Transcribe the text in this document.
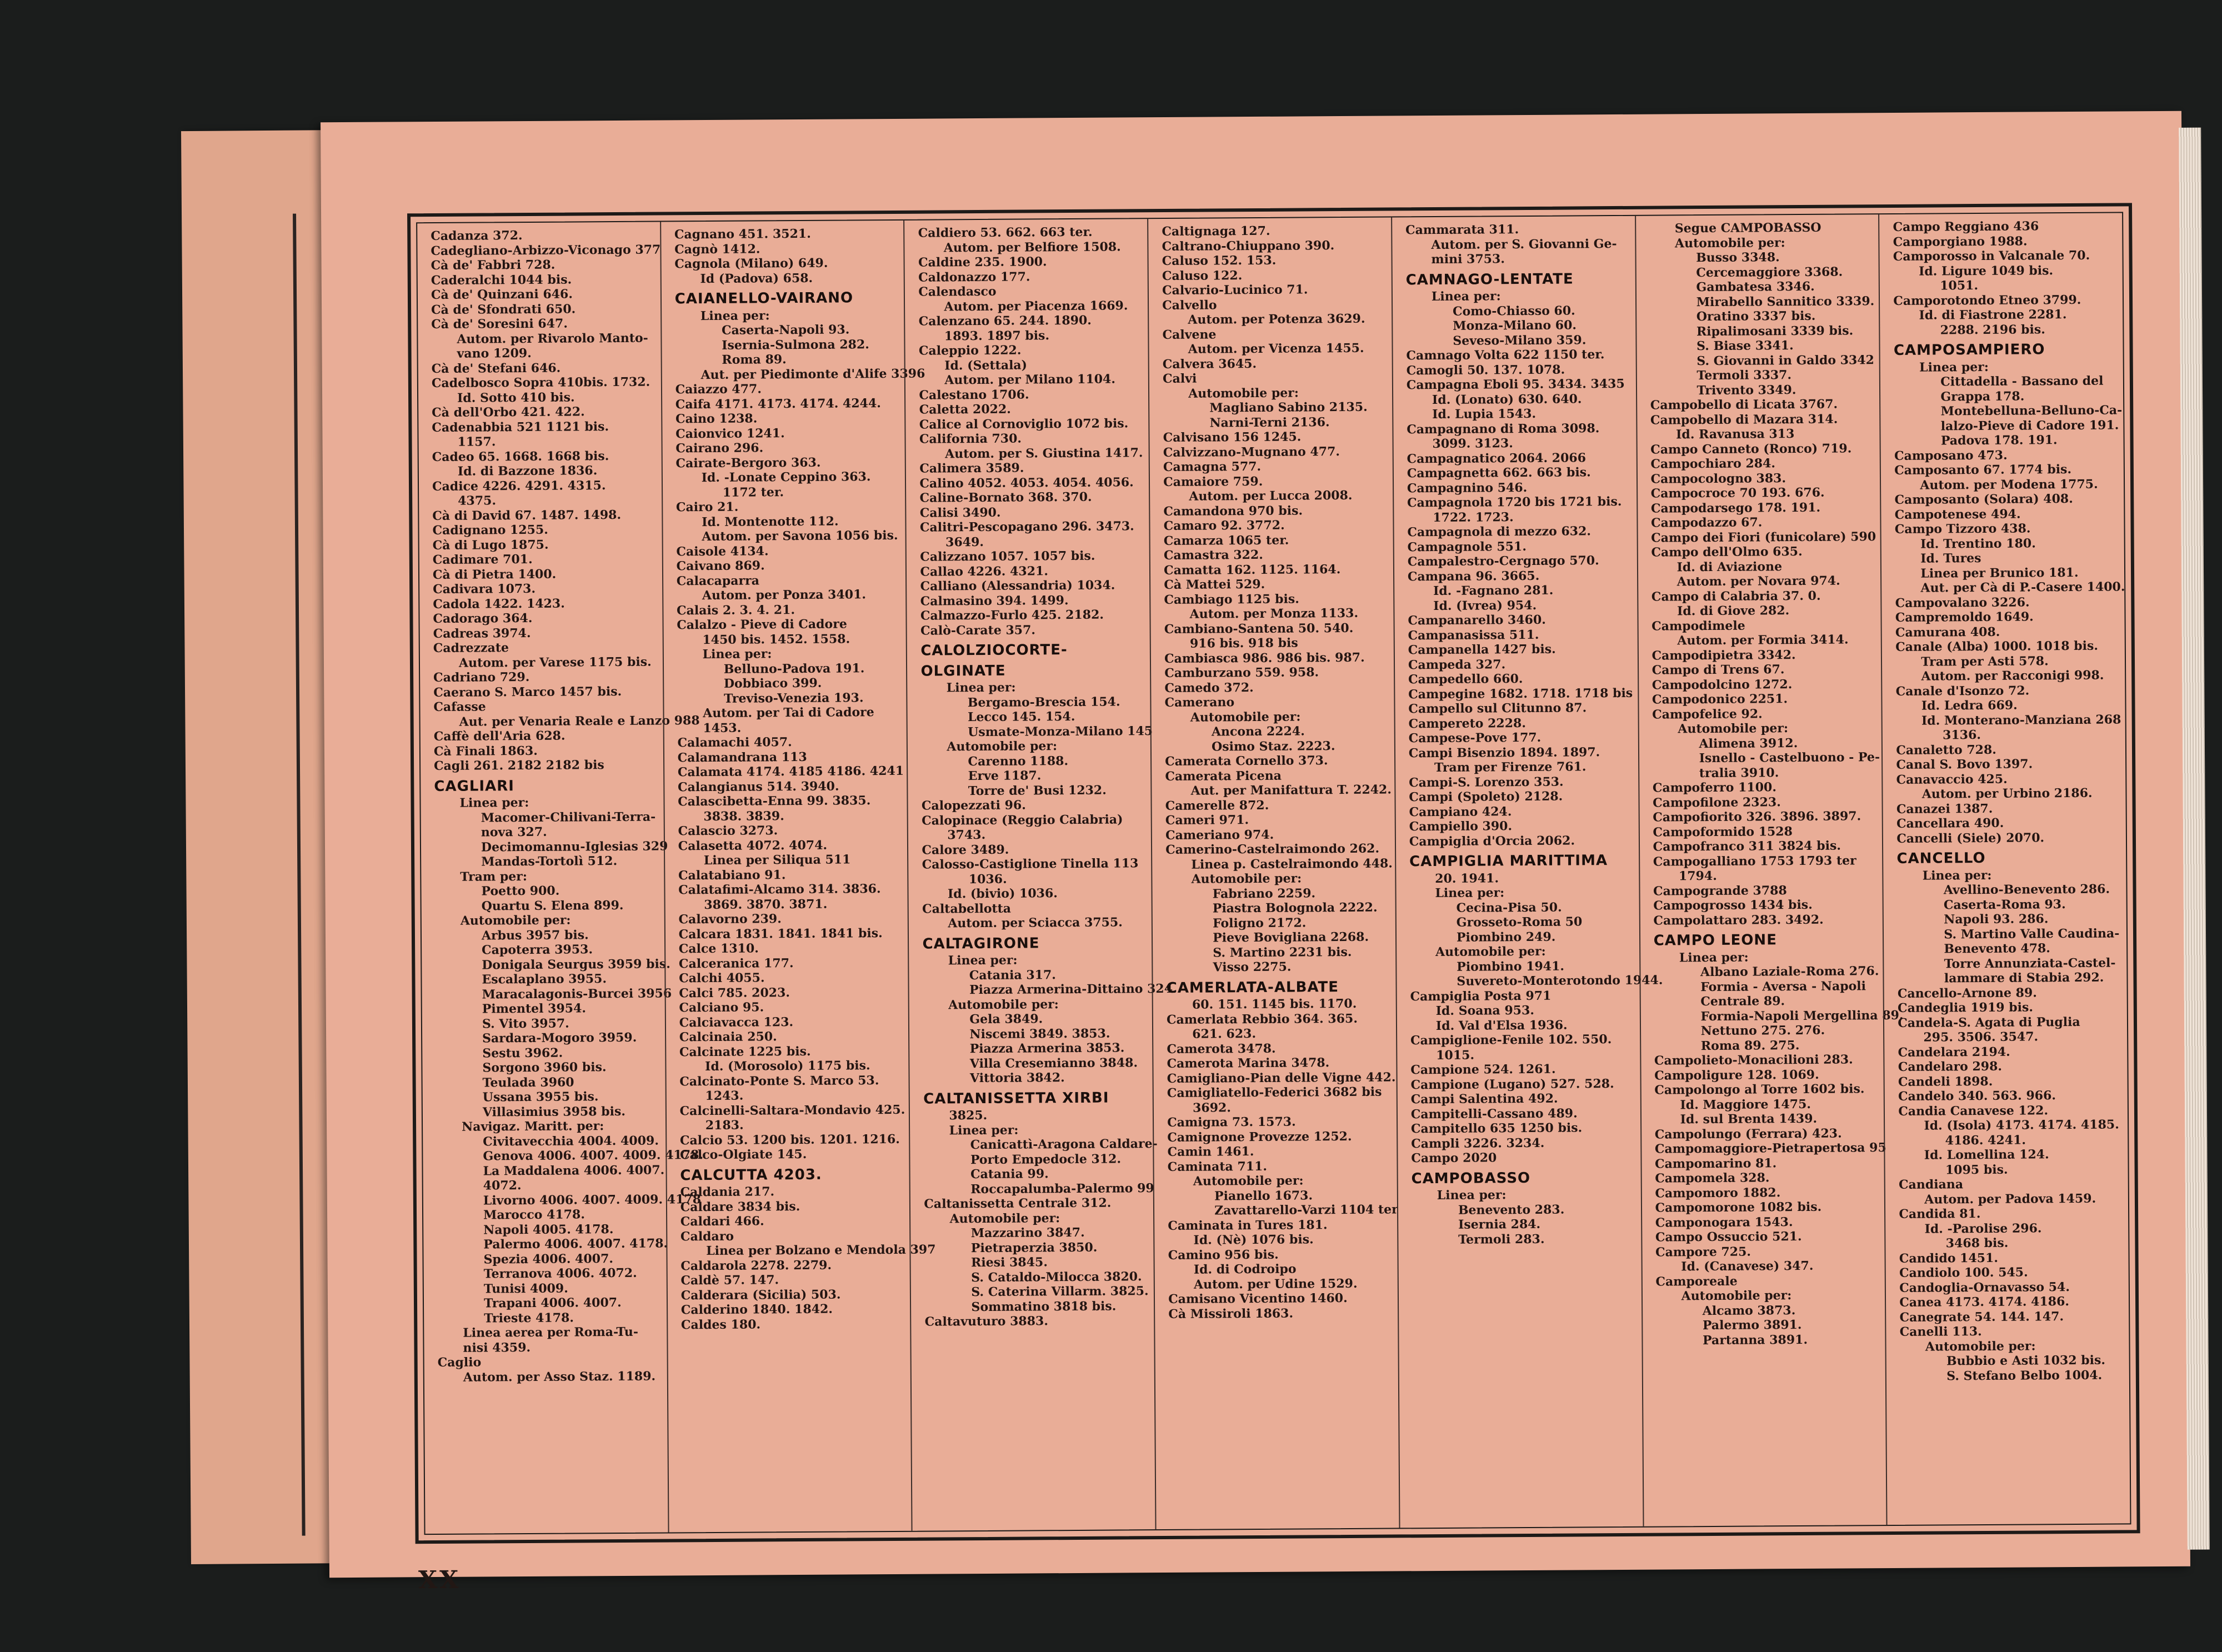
Cadanza 372.
Cadegliano-Arbizzo-Viconago 377
Cà de' Fabbri 728.
Caderalchi 1044 bis.
Cà de' Quinzani 646.
Cà de' Sfondrati 650.
Cà de' Soresini 647.
Autom. per Rivarolo Manto-
vano 1209.
Cà de' Stefani 646.
Cadelbosco Sopra 410bis. 1732.
Id. Sotto 410 bis.
Cà dell'Orbo 421. 422.
Cadenabbia 521 1121 bis.
1157.
Cadeo 65. 1668. 1668 bis.
Id. di Bazzone 1836.
Cadice 4226. 4291. 4315.
4375.
Cà di David 67. 1487. 1498.
Cadignano 1255.
Cà di Lugo 1875.
Cadimare 701.
Cà di Pietra 1400.
Cadivara 1073.
Cadola 1422. 1423.
Cadorago 364.
Cadreas 3974.
Cadrezzate
Autom. per Varese 1175 bis.
Cadriano 729.
Caerano S. Marco 1457 bis.
Cafasse
Aut. per Venaria Reale e Lanzo 988
Caffè dell'Aria 628.
Cà Finali 1863.
Cagli 261. 2182 2182 bis
CAGLIARI
Linea per:
Macomer-Chilivani-Terra-
nova 327.
Decimomannu-Iglesias 329
Mandas-Tortolì 512.
Tram per:
Poetto 900.
Quartu S. Elena 899.
Automobile per:
Arbus 3957 bis.
Capoterra 3953.
Donigala Seurgus 3959 bis.
Escalaplano 3955.
Maracalagonis-Burcei 3956
Pimentel 3954.
S. Vito 3957.
Sardara-Mogoro 3959.
Sestu 3962.
Sorgono 3960 bis.
Teulada 3960
Ussana 3955 bis.
Villasimius 3958 bis.
Navigaz. Maritt. per:
Civitavecchia 4004. 4009.
Genova 4006. 4007. 4009. 4178.
La Maddalena 4006. 4007.
4072.
Livorno 4006. 4007. 4009. 4178
Marocco 4178.
Napoli 4005. 4178.
Palermo 4006. 4007. 4178.
Spezia 4006. 4007.
Terranova 4006. 4072.
Tunisi 4009.
Trapani 4006. 4007.
Trieste 4178.
Linea aerea per Roma-Tu-
nisi 4359.
Caglio
Autom. per Asso Staz. 1189.
Cagnano 451. 3521.
Cagnò 1412.
Cagnola (Milano) 649.
Id (Padova) 658.
CAIANELLO-VAIRANO
Linea per:
Caserta-Napoli 93.
Isernia-Sulmona 282.
Roma 89.
Aut. per Piedimonte d'Alife 3396
Caiazzo 477.
Caifa 4171. 4173. 4174. 4244.
Caino 1238.
Caionvico 1241.
Cairano 296.
Cairate-Bergoro 363.
Id. -Lonate Ceppino 363.
1172 ter.
Cairo 21.
Id. Montenotte 112.
Autom. per Savona 1056 bis.
Caisole 4134.
Caivano 869.
Calacaparra
Autom. per Ponza 3401.
Calais 2. 3. 4. 21.
Calalzo - Pieve di Cadore
1450 bis. 1452. 1558.
Linea per:
Belluno-Padova 191.
Dobbiaco 399.
Treviso-Venezia 193.
Autom. per Tai di Cadore
1453.
Calamachi 4057.
Calamandrana 113
Calamata 4174. 4185 4186. 4241
Calangianus 514. 3940.
Calascibetta-Enna 99. 3835.
3838. 3839.
Calascio 3273.
Calasetta 4072. 4074.
Linea per Siliqua 511
Calatabiano 91.
Calatafimi-Alcamo 314. 3836.
3869. 3870. 3871.
Calavorno 239.
Calcara 1831. 1841. 1841 bis.
Calce 1310.
Calceranica 177.
Calchi 4055.
Calci 785. 2023.
Calciano 95.
Calciavacca 123.
Calcinaia 250.
Calcinate 1225 bis.
Id. (Morosolo) 1175 bis.
Calcinato-Ponte S. Marco 53.
1243.
Calcinelli-Saltara-Mondavio 425.
2183.
Calcio 53. 1200 bis. 1201. 1216.
Calco-Olgiate 145.
CALCUTTA 4203.
Caldania 217.
Caldare 3834 bis.
Caldari 466.
Caldaro
Linea per Bolzano e Mendola 397
Caldarola 2278. 2279.
Caldè 57. 147.
Calderara (Sicilia) 503.
Calderino 1840. 1842.
Caldes 180.
Caldiero 53. 662. 663 ter.
Autom. per Belfiore 1508.
Caldine 235. 1900.
Caldonazzo 177.
Calendasco
Autom. per Piacenza 1669.
Calenzano 65. 244. 1890.
1893. 1897 bis.
Caleppio 1222.
Id. (Settala)
Autom. per Milano 1104.
Calestano 1706.
Caletta 2022.
Calice al Cornoviglio 1072 bis.
California 730.
Autom. per S. Giustina 1417.
Calimera 3589.
Calino 4052. 4053. 4054. 4056.
Caline-Bornato 368. 370.
Calisi 3490.
Calitri-Pescopagano 296. 3473.
3649.
Calizzano 1057. 1057 bis.
Callao 4226. 4321.
Calliano (Alessandria) 1034.
Calmasino 394. 1499.
Calmazzo-Furlo 425. 2182.
Calò-Carate 357.
CALOLZIOCORTE-
OLGINATE
Linea per:
Bergamo-Brescia 154.
Lecco 145. 154.
Usmate-Monza-Milano 145
Automobile per:
Carenno 1188.
Erve 1187.
Torre de' Busi 1232.
Calopezzati 96.
Calopinace (Reggio Calabria)
3743.
Calore 3489.
Calosso-Castiglione Tinella 113
1036.
Id. (bivio) 1036.
Caltabellotta
Autom. per Sciacca 3755.
CALTAGIRONE
Linea per:
Catania 317.
Piazza Armerina-Dittaino 324.
Automobile per:
Gela 3849.
Niscemi 3849. 3853.
Piazza Armerina 3853.
Villa Cresemianno 3848.
Vittoria 3842.
CALTANISSETTA XIRBI
3825.
Linea per:
Canicattì-Aragona Caldare-
Porto Empedocle 312.
Catania 99.
Roccapalumba-Palermo 99
Caltanissetta Centrale 312.
Automobile per:
Mazzarino 3847.
Pietraperzia 3850.
Riesi 3845.
S. Cataldo-Milocca 3820.
S. Caterina Villarm. 3825.
Sommatino 3818 bis.
Caltavuturo 3883.
Caltignaga 127.
Caltrano-Chiuppano 390.
Caluso 152. 153.
Caluso 122.
Calvario-Lucinico 71.
Calvello
Autom. per Potenza 3629.
Calvene
Autom. per Vicenza 1455.
Calvera 3645.
Calvi
Automobile per:
Magliano Sabino 2135.
Narni-Terni 2136.
Calvisano 156 1245.
Calvizzano-Mugnano 477.
Camagna 577.
Camaiore 759.
Autom. per Lucca 2008.
Camandona 970 bis.
Camaro 92. 3772.
Camarza 1065 ter.
Camastra 322.
Camatta 162. 1125. 1164.
Cà Mattei 529.
Cambiago 1125 bis.
Autom. per Monza 1133.
Cambiano-Santena 50. 540.
916 bis. 918 bis
Cambiasca 986. 986 bis. 987.
Camburzano 559. 958.
Camedo 372.
Camerano
Automobile per:
Ancona 2224.
Osimo Staz. 2223.
Camerata Cornello 373.
Camerata Picena
Aut. per Manifattura T. 2242.
Camerelle 872.
Cameri 971.
Cameriano 974.
Camerino-Castelraimondo 262.
Linea p. Castelraimondo 448.
Automobile per:
Fabriano 2259.
Piastra Bolognola 2222.
Foligno 2172.
Pieve Bovigliana 2268.
S. Martino 2231 bis.
Visso 2275.
CAMERLATA-ALBATE
60. 151. 1145 bis. 1170.
Camerlata Rebbio 364. 365.
621. 623.
Camerota 3478.
Camerota Marina 3478.
Camigliano-Pian delle Vigne 442.
Camigliatello-Federici 3682 bis
3692.
Camigna 73. 1573.
Camignone Provezze 1252.
Camin 1461.
Caminata 711.
Automobile per:
Pianello 1673.
Zavattarello-Varzi 1104 ter
Caminata in Tures 181.
Id. (Nè) 1076 bis.
Camino 956 bis.
Id. di Codroipo
Autom. per Udine 1529.
Camisano Vicentino 1460.
Cà Missiroli 1863.
Cammarata 311.
Autom. per S. Giovanni Ge-
mini 3753.
CAMNAGO-LENTATE
Linea per:
Como-Chiasso 60.
Monza-Milano 60.
Seveso-Milano 359.
Camnago Volta 622 1150 ter.
Camogli 50. 137. 1078.
Campagna Eboli 95. 3434. 3435
Id. (Lonato) 630. 640.
Id. Lupia 1543.
Campagnano di Roma 3098.
3099. 3123.
Campagnatico 2064. 2066
Campagnetta 662. 663 bis.
Campagnino 546.
Campagnola 1720 bis 1721 bis.
1722. 1723.
Campagnola di mezzo 632.
Campagnole 551.
Campalestro-Cergnago 570.
Campana 96. 3665.
Id. -Fagnano 281.
Id. (Ivrea) 954.
Campanarello 3460.
Campanasissa 511.
Campanella 1427 bis.
Campeda 327.
Campedello 660.
Campegine 1682. 1718. 1718 bis
Campello sul Clitunno 87.
Campereto 2228.
Campese-Pove 177.
Campi Bisenzio 1894. 1897.
Tram per Firenze 761.
Campi-S. Lorenzo 353.
Campi (Spoleto) 2128.
Campiano 424.
Campiello 390.
Campiglia d'Orcia 2062.
CAMPIGLIA MARITTIMA
20. 1941.
Linea per:
Cecina-Pisa 50.
Grosseto-Roma 50
Piombino 249.
Automobile per:
Piombino 1941.
Suvereto-Monterotondo 1944.
Campiglia Posta 971
Id. Soana 953.
Id. Val d'Elsa 1936.
Campiglione-Fenile 102. 550.
1015.
Campione 524. 1261.
Campione (Lugano) 527. 528.
Campi Salentina 492.
Campitelli-Cassano 489.
Campitello 635 1250 bis.
Campli 3226. 3234.
Campo 2020
CAMPOBASSO
Linea per:
Benevento 283.
Isernia 284.
Termoli 283.
Segue CAMPOBASSO
Automobile per:
Busso 3348.
Cercemaggiore 3368.
Gambatesa 3346.
Mirabello Sannitico 3339.
Oratino 3337 bis.
Ripalimosani 3339 bis.
S. Biase 3341.
S. Giovanni in Galdo 3342
Termoli 3337.
Trivento 3349.
Campobello di Licata 3767.
Campobello di Mazara 314.
Id. Ravanusa 313
Campo Canneto (Ronco) 719.
Campochiaro 284.
Campocologno 383.
Campocroce 70 193. 676.
Campodarsego 178. 191.
Campodazzo 67.
Campo dei Fiori (funicolare) 590
Campo dell'Olmo 635.
Id. di Aviazione
Autom. per Novara 974.
Campo di Calabria 37. 0.
Id. di Giove 282.
Campodimele
Autom. per Formia 3414.
Campodipietra 3342.
Campo di Trens 67.
Campodolcino 1272.
Campodonico 2251.
Campofelice 92.
Automobile per:
Alimena 3912.
Isnello - Castelbuono - Pe-
tralia 3910.
Campoferro 1100.
Campofilone 2323.
Campofiorito 326. 3896. 3897.
Campoformido 1528
Campofranco 311 3824 bis.
Campogalliano 1753 1793 ter
1794.
Campogrande 3788
Campogrosso 1434 bis.
Campolattaro 283. 3492.
CAMPO LEONE
Linea per:
Albano Laziale-Roma 276.
Formia - Aversa - Napoli
Centrale 89.
Formia-Napoli Mergellina 89.
Nettuno 275. 276.
Roma 89. 275.
Campolieto-Monacilioni 283.
Campoligure 128. 1069.
Campolongo al Torre 1602 bis.
Id. Maggiore 1475.
Id. sul Brenta 1439.
Campolungo (Ferrara) 423.
Campomaggiore-Pietrapertosa 95
Campomarino 81.
Campomela 328.
Campomoro 1882.
Campomorone 1082 bis.
Camponogara 1543.
Campo Ossuccio 521.
Campore 725.
Id. (Canavese) 347.
Camporeale
Automobile per:
Alcamo 3873.
Palermo 3891.
Partanna 3891.
Campo Reggiano 436
Camporgiano 1988.
Camporosso in Valcanale 70.
Id. Ligure 1049 bis.
1051.
Camporotondo Etneo 3799.
Id. di Fiastrone 2281.
2288. 2196 bis.
CAMPOSAMPIERO
Linea per:
Cittadella - Bassano del
Grappa 178.
Montebelluna-Belluno-Ca-
lalzo-Pieve di Cadore 191.
Padova 178. 191.
Camposano 473.
Camposanto 67. 1774 bis.
Autom. per Modena 1775.
Camposanto (Solara) 408.
Campotenese 494.
Campo Tizzoro 438.
Id. Trentino 180.
Id. Tures
Linea per Brunico 181.
Aut. per Cà di P.-Casere 1400.
Campovalano 3226.
Campremoldo 1649.
Camurana 408.
Canale (Alba) 1000. 1018 bis.
Tram per Asti 578.
Autom. per Racconigi 998.
Canale d'Isonzo 72.
Id. Ledra 669.
Id. Monterano-Manziana 268
3136.
Canaletto 728.
Canal S. Bovo 1397.
Canavaccio 425.
Autom. per Urbino 2186.
Canazei 1387.
Cancellara 490.
Cancelli (Siele) 2070.
CANCELLO
Linea per:
Avellino-Benevento 286.
Caserta-Roma 93.
Napoli 93. 286.
S. Martino Valle Caudina-
Benevento 478.
Torre Annunziata-Castel-
lammare di Stabia 292.
Cancello-Arnone 89.
Candeglia 1919 bis.
Candela-S. Agata di Puglia
295. 3506. 3547.
Candelara 2194.
Candelaro 298.
Candeli 1898.
Candelo 340. 563. 966.
Candia Canavese 122.
Id. (Isola) 4173. 4174. 4185.
4186. 4241.
Id. Lomellina 124.
1095 bis.
Candiana
Autom. per Padova 1459.
Candida 81.
Id. -Parolise 296.
3468 bis.
Candido 1451.
Candiolo 100. 545.
Candoglia-Ornavasso 54.
Canea 4173. 4174. 4186.
Canegrate 54. 144. 147.
Canelli 113.
Automobile per:
Bubbio e Asti 1032 bis.
S. Stefano Belbo 1004.
XX
